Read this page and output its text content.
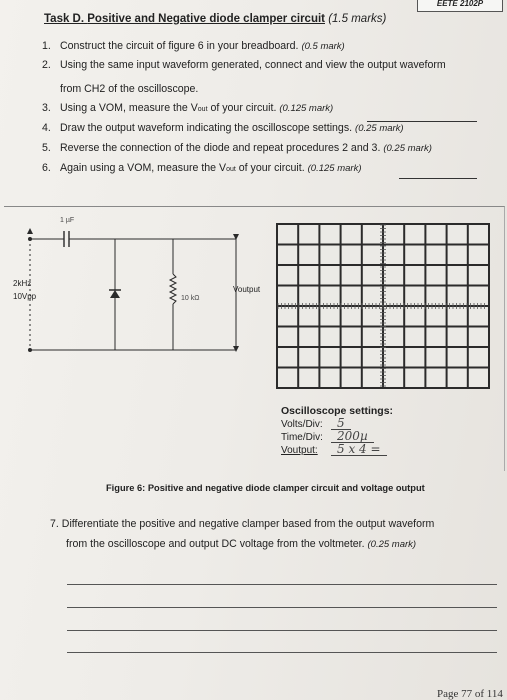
EETE 2102P
Task D. Positive and Negative diode clamper circuit (1.5 marks)
1. Construct the circuit of figure 6 in your breadboard. (0.5 mark)
2. Using the same input waveform generated, connect and view the output waveform
from CH2 of the oscilloscope.
3. Using a VOM, measure the Vout of your circuit. (0.125 mark)
4. Draw the output waveform indicating the oscilloscope settings. (0.25 mark)
5. Reverse the connection of the diode and repeat procedures 2 and 3. (0.25 mark)
6. Again using a VOM, measure the Vout of your circuit. (0.125 mark)
1 µF
2kHz
10Vpp	10 kΩ
Voutput
Oscilloscope settings:
Volts/Div: 5
Time/Div: 200µ
Voutput: 5 x 4 =
Figure 6: Positive and negative diode clamper circuit and voltage output
7. Differentiate the positive and negative clamper based from the output waveform
from the oscilloscope and output DC voltage from the voltmeter. (0.25 mark)
Page 77 of 114
